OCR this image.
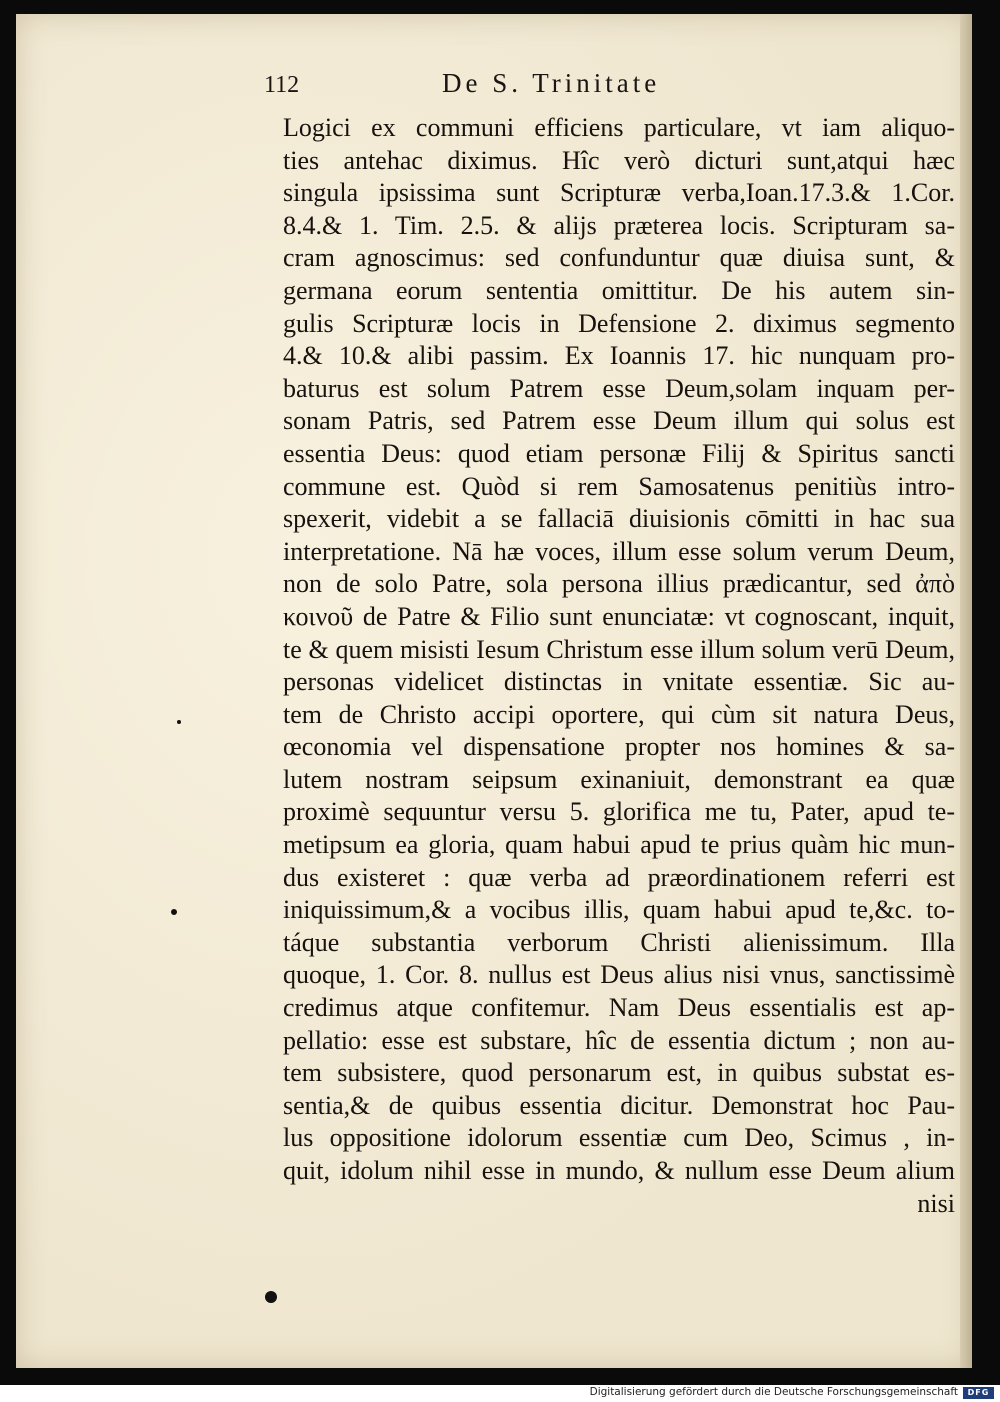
112	De S. Trinitate
Logici ex communi efficiens particulare, vt iam aliquo-
ties antehac diximus. Hîc verò dicturi sunt,atqui hæc
singula ipsissima sunt Scripturæ verba,Ioan.17.3.& 1.Cor.
8.4.& 1. Tim. 2.5. & alijs præterea locis. Scripturam sa-
cram agnoscimus: sed confunduntur quæ diuisa sunt, &
germana eorum sententia omittitur. De his autem sin-
gulis Scripturæ locis in Defensione 2. diximus segmento
4.& 10.& alibi passim. Ex Ioannis 17. hic nunquam pro-
baturus est solum Patrem esse Deum,solam inquam per-
sonam Patris, sed Patrem esse Deum illum qui solus est
essentia Deus: quod etiam personæ Filij & Spiritus sancti
commune est. Quòd si rem Samosatenus penitiùs intro-
spexerit, videbit a se fallaciā diuisionis cōmitti in hac sua
interpretatione. Nā hæ voces, illum esse solum verum Deum,
non de solo Patre, sola persona illius prædicantur, sed ἀπὸ
κοινοῦ de Patre & Filio sunt enunciatæ: vt cognoscant, inquit,
te & quem misisti Iesum Christum esse illum solum verū Deum,
personas videlicet distinctas in vnitate essentiæ. Sic au-
tem de Christo accipi oportere, qui cùm sit natura Deus,
œconomia vel dispensatione propter nos homines & sa-
lutem nostram seipsum exinaniuit, demonstrant ea quæ
proximè sequuntur versu 5. glorifica me tu, Pater, apud te-
metipsum ea gloria, quam habui apud te prius quàm hic mun-
dus existeret : quæ verba ad præordinationem referri est
iniquissimum,& a vocibus illis, quam habui apud te,&c. to-
táque substantia verborum Christi alienissimum. Illa
quoque, 1. Cor. 8. nullus est Deus alius nisi vnus, sanctissimè
credimus atque confitemur. Nam Deus essentialis est ap-
pellatio: esse est substare, hîc de essentia dictum ; non au-
tem subsistere, quod personarum est, in quibus substat es-
sentia,& de quibus essentia dicitur. Demonstrat hoc Pau-
lus oppositione idolorum essentiæ cum Deo, Scimus , in-
quit, idolum nihil esse in mundo, & nullum esse Deum alium
nisi
Digitalisierung gefördert durch die Deutsche Forschungsgemeinschaft	DFG
